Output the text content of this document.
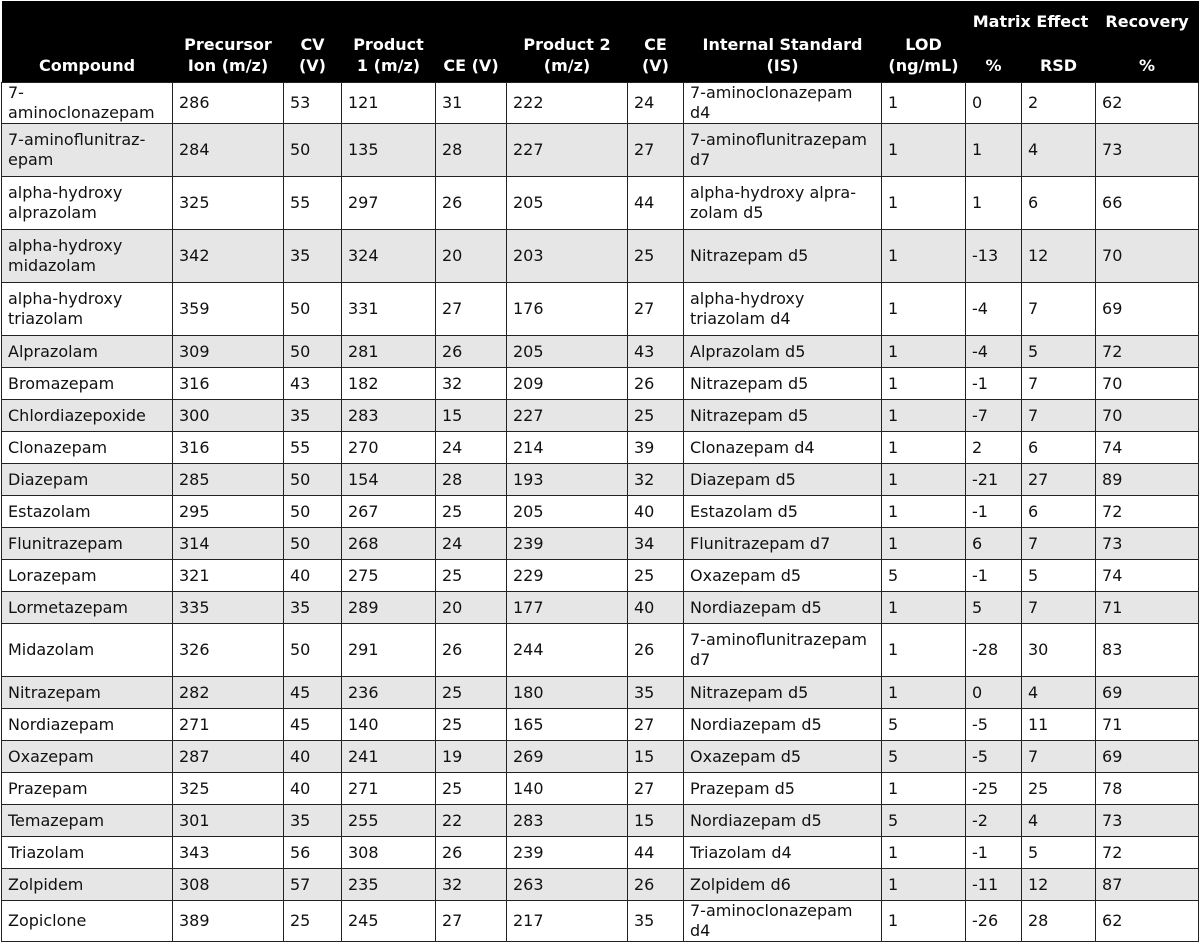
Compound	Precursor Ion (m/z)	CV (V)	Product 1 (m/z)	CE (V)	Product 2 (m/z)	CE (V)	Internal Standard (IS)	LOD (ng/mL)	Matrix Effect		Recovery
									%	RSD	%
7-aminoclonazepam	286	53	121	31	222	24	7-aminoclonazepam d4	1	0	2	62
7-aminoflunitraz-epam	284	50	135	28	227	27	7-aminoflunitrazepam d7	1	1	4	73
alpha-hydroxy alprazolam	325	55	297	26	205	44	alpha-hydroxy alpra-zolam d5	1	1	6	66
alpha-hydroxy midazolam	342	35	324	20	203	25	Nitrazepam d5	1	-13	12	70
alpha-hydroxy triazolam	359	50	331	27	176	27	alpha-hydroxy triazolam d4	1	-4	7	69
Alprazolam	309	50	281	26	205	43	Alprazolam d5	1	-4	5	72
Bromazepam	316	43	182	32	209	26	Nitrazepam d5	1	-1	7	70
Chlordiazepoxide	300	35	283	15	227	25	Nitrazepam d5	1	-7	7	70
Clonazepam	316	55	270	24	214	39	Clonazepam d4	1	2	6	74
Diazepam	285	50	154	28	193	32	Diazepam d5	1	-21	27	89
Estazolam	295	50	267	25	205	40	Estazolam d5	1	-1	6	72
Flunitrazepam	314	50	268	24	239	34	Flunitrazepam d7	1	6	7	73
Lorazepam	321	40	275	25	229	25	Oxazepam d5	5	-1	5	74
Lormetazepam	335	35	289	20	177	40	Nordiazepam d5	1	5	7	71
Midazolam	326	50	291	26	244	26	7-aminoflunitrazepam d7	1	-28	30	83
Nitrazepam	282	45	236	25	180	35	Nitrazepam d5	1	0	4	69
Nordiazepam	271	45	140	25	165	27	Nordiazepam d5	5	-5	11	71
Oxazepam	287	40	241	19	269	15	Oxazepam d5	5	-5	7	69
Prazepam	325	40	271	25	140	27	Prazepam d5	1	-25	25	78
Temazepam	301	35	255	22	283	15	Nordiazepam d5	5	-2	4	73
Triazolam	343	56	308	26	239	44	Triazolam d4	1	-1	5	72
Zolpidem	308	57	235	32	263	26	Zolpidem d6	1	-11	12	87
Zopiclone	389	25	245	27	217	35	7-aminoclonazepam d4	1	-26	28	62
